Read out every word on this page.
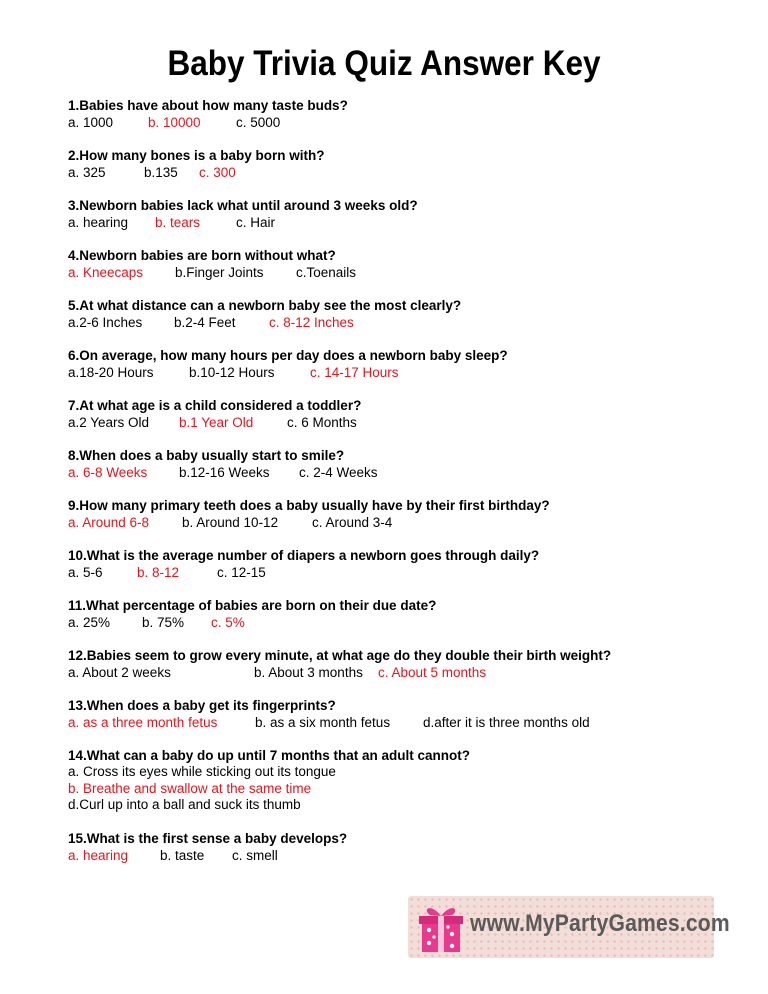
Baby Trivia Quiz Answer Key
1.Babies have about how many taste buds?
a. 1000	b. 10000	c. 5000
2.How many bones is a baby born with?
a. 325	b.135 c. 300
3.Newborn babies lack what until around 3 weeks old?
a. hearing b. tears	c. Hair
4.Newborn babies are born without what?
a. Kneecaps b.Finger Joints c.Toenails
5.At what distance can a newborn baby see the most clearly?
a.2-6 Inches b.2-4 Feet c. 8-12 Inches
6.On average, how many hours per day does a newborn baby sleep?
a.18-20 Hours	b.10-12 Hours	c. 14-17 Hours
7.At what age is a child considered a toddler?
a.2 Years Old b.1 Year Old c. 6 Months
8.When does a baby usually start to smile?
a. 6-8 Weeks b.12-16 Weeks c. 2-4 Weeks
9.How many primary teeth does a baby usually have by their first birthday?
a. Around 6-8 b. Around 10-12	c. Around 3-4
10.What is the average number of diapers a newborn goes through daily?
a. 5-6	b. 8-12	c. 12-15
11.What percentage of babies are born on their due date?
a. 25% b. 75% c. 5%
12.Babies seem to grow every minute, at what age do they double their birth weight?
a. About 2 weeks	b. About 3 months c. About 5 months
13.When does a baby get its fingerprints?
a. as a three month fetus	b. as a six month fetus d.after it is three months old
14.What can a baby do up until 7 months that an adult cannot?
a. Cross its eyes while sticking out its tongue
b. Breathe and swallow at the same time
d.Curl up into a ball and suck its thumb
15.What is the first sense a baby develops?
a. hearing b. taste c. smell
www.MyPartyGames.com
